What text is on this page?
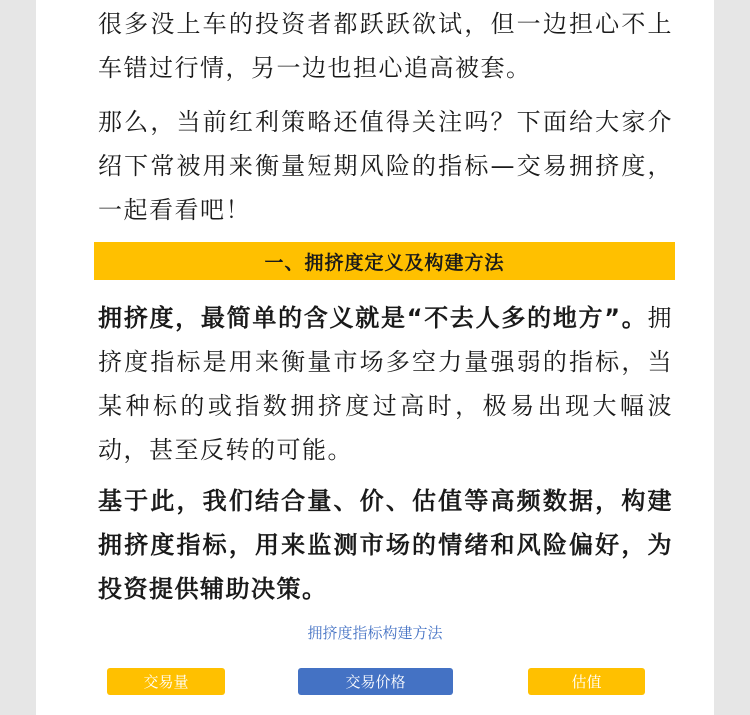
很多没上车的投资者都跃跃欲试，但一边担心不上车错过行情，另一边也担心追高被套。

那么，当前红利策略还值得关注吗？下面给大家介绍下常被用来衡量短期风险的指标—交易拥挤度，一起看看吧！

一、拥挤度定义及构建方法

拥挤度，最简单的含义就是“不去人多的地方”。拥挤度指标是用来衡量市场多空力量强弱的指标，当某种标的或指数拥挤度过高时，极易出现大幅波动，甚至反转的可能。

基于此，我们结合量、价、估值等高频数据，构建拥挤度指标，用来监测市场的情绪和风险偏好，为投资提供辅助决策。

拥挤度指标构建方法
交易量	交易价格	估值
